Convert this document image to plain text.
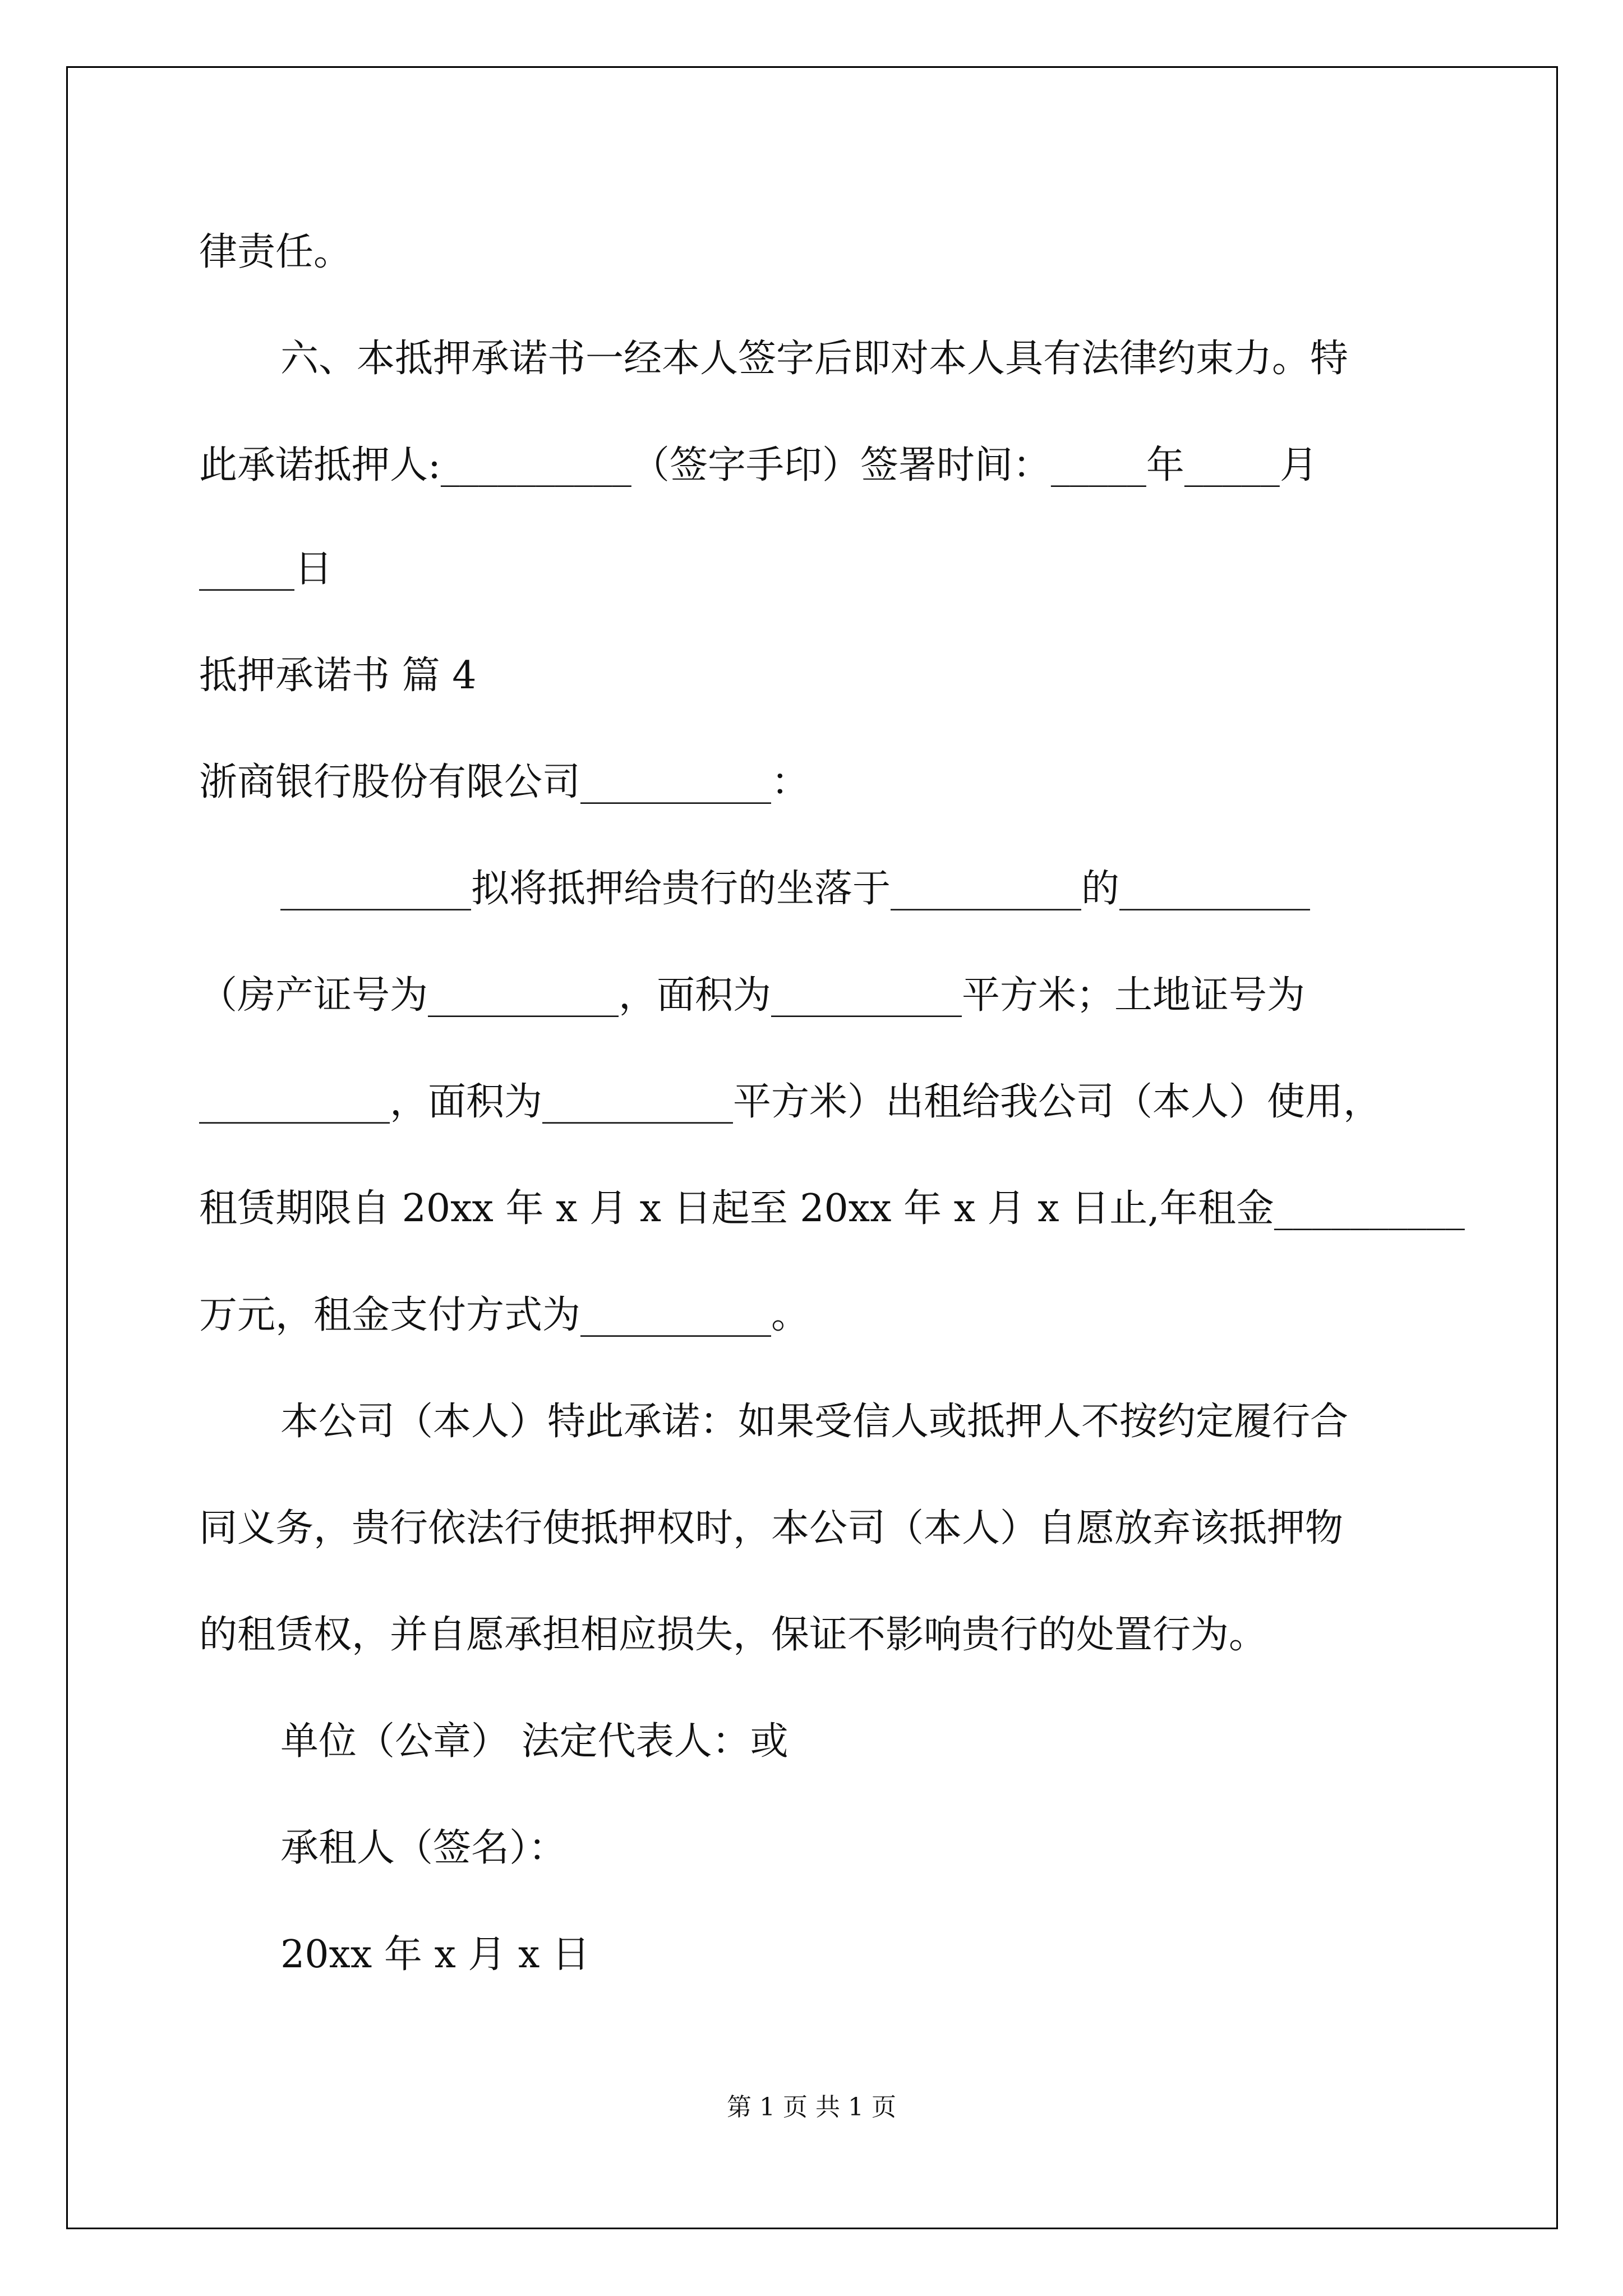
律责任。
六、本抵押承诺书一经本人签字后即对本人具有法律约束力。特
此承诺抵押人:__________（签字手印）签署时间：_____年_____月
_____日
抵押承诺书 篇 4
浙商银行股份有限公司__________：
__________拟将抵押给贵行的坐落于__________的__________
（房产证号为__________，面积为__________平方米；土地证号为
__________，面积为__________平方米）出租给我公司（本人）使用，
租赁期限自 20xx 年 x 月 x 日起至 20xx 年 x 月 x 日止,年租金__________
万元，租金支付方式为__________。
本公司（本人）特此承诺：如果受信人或抵押人不按约定履行合
同义务，贵行依法行使抵押权时，本公司（本人）自愿放弃该抵押物
的租赁权，并自愿承担相应损失，保证不影响贵行的处置行为。
单位（公章） 法定代表人：或
承租人（签名）：
20xx 年 x 月 x 日
第 1 页 共 1 页
